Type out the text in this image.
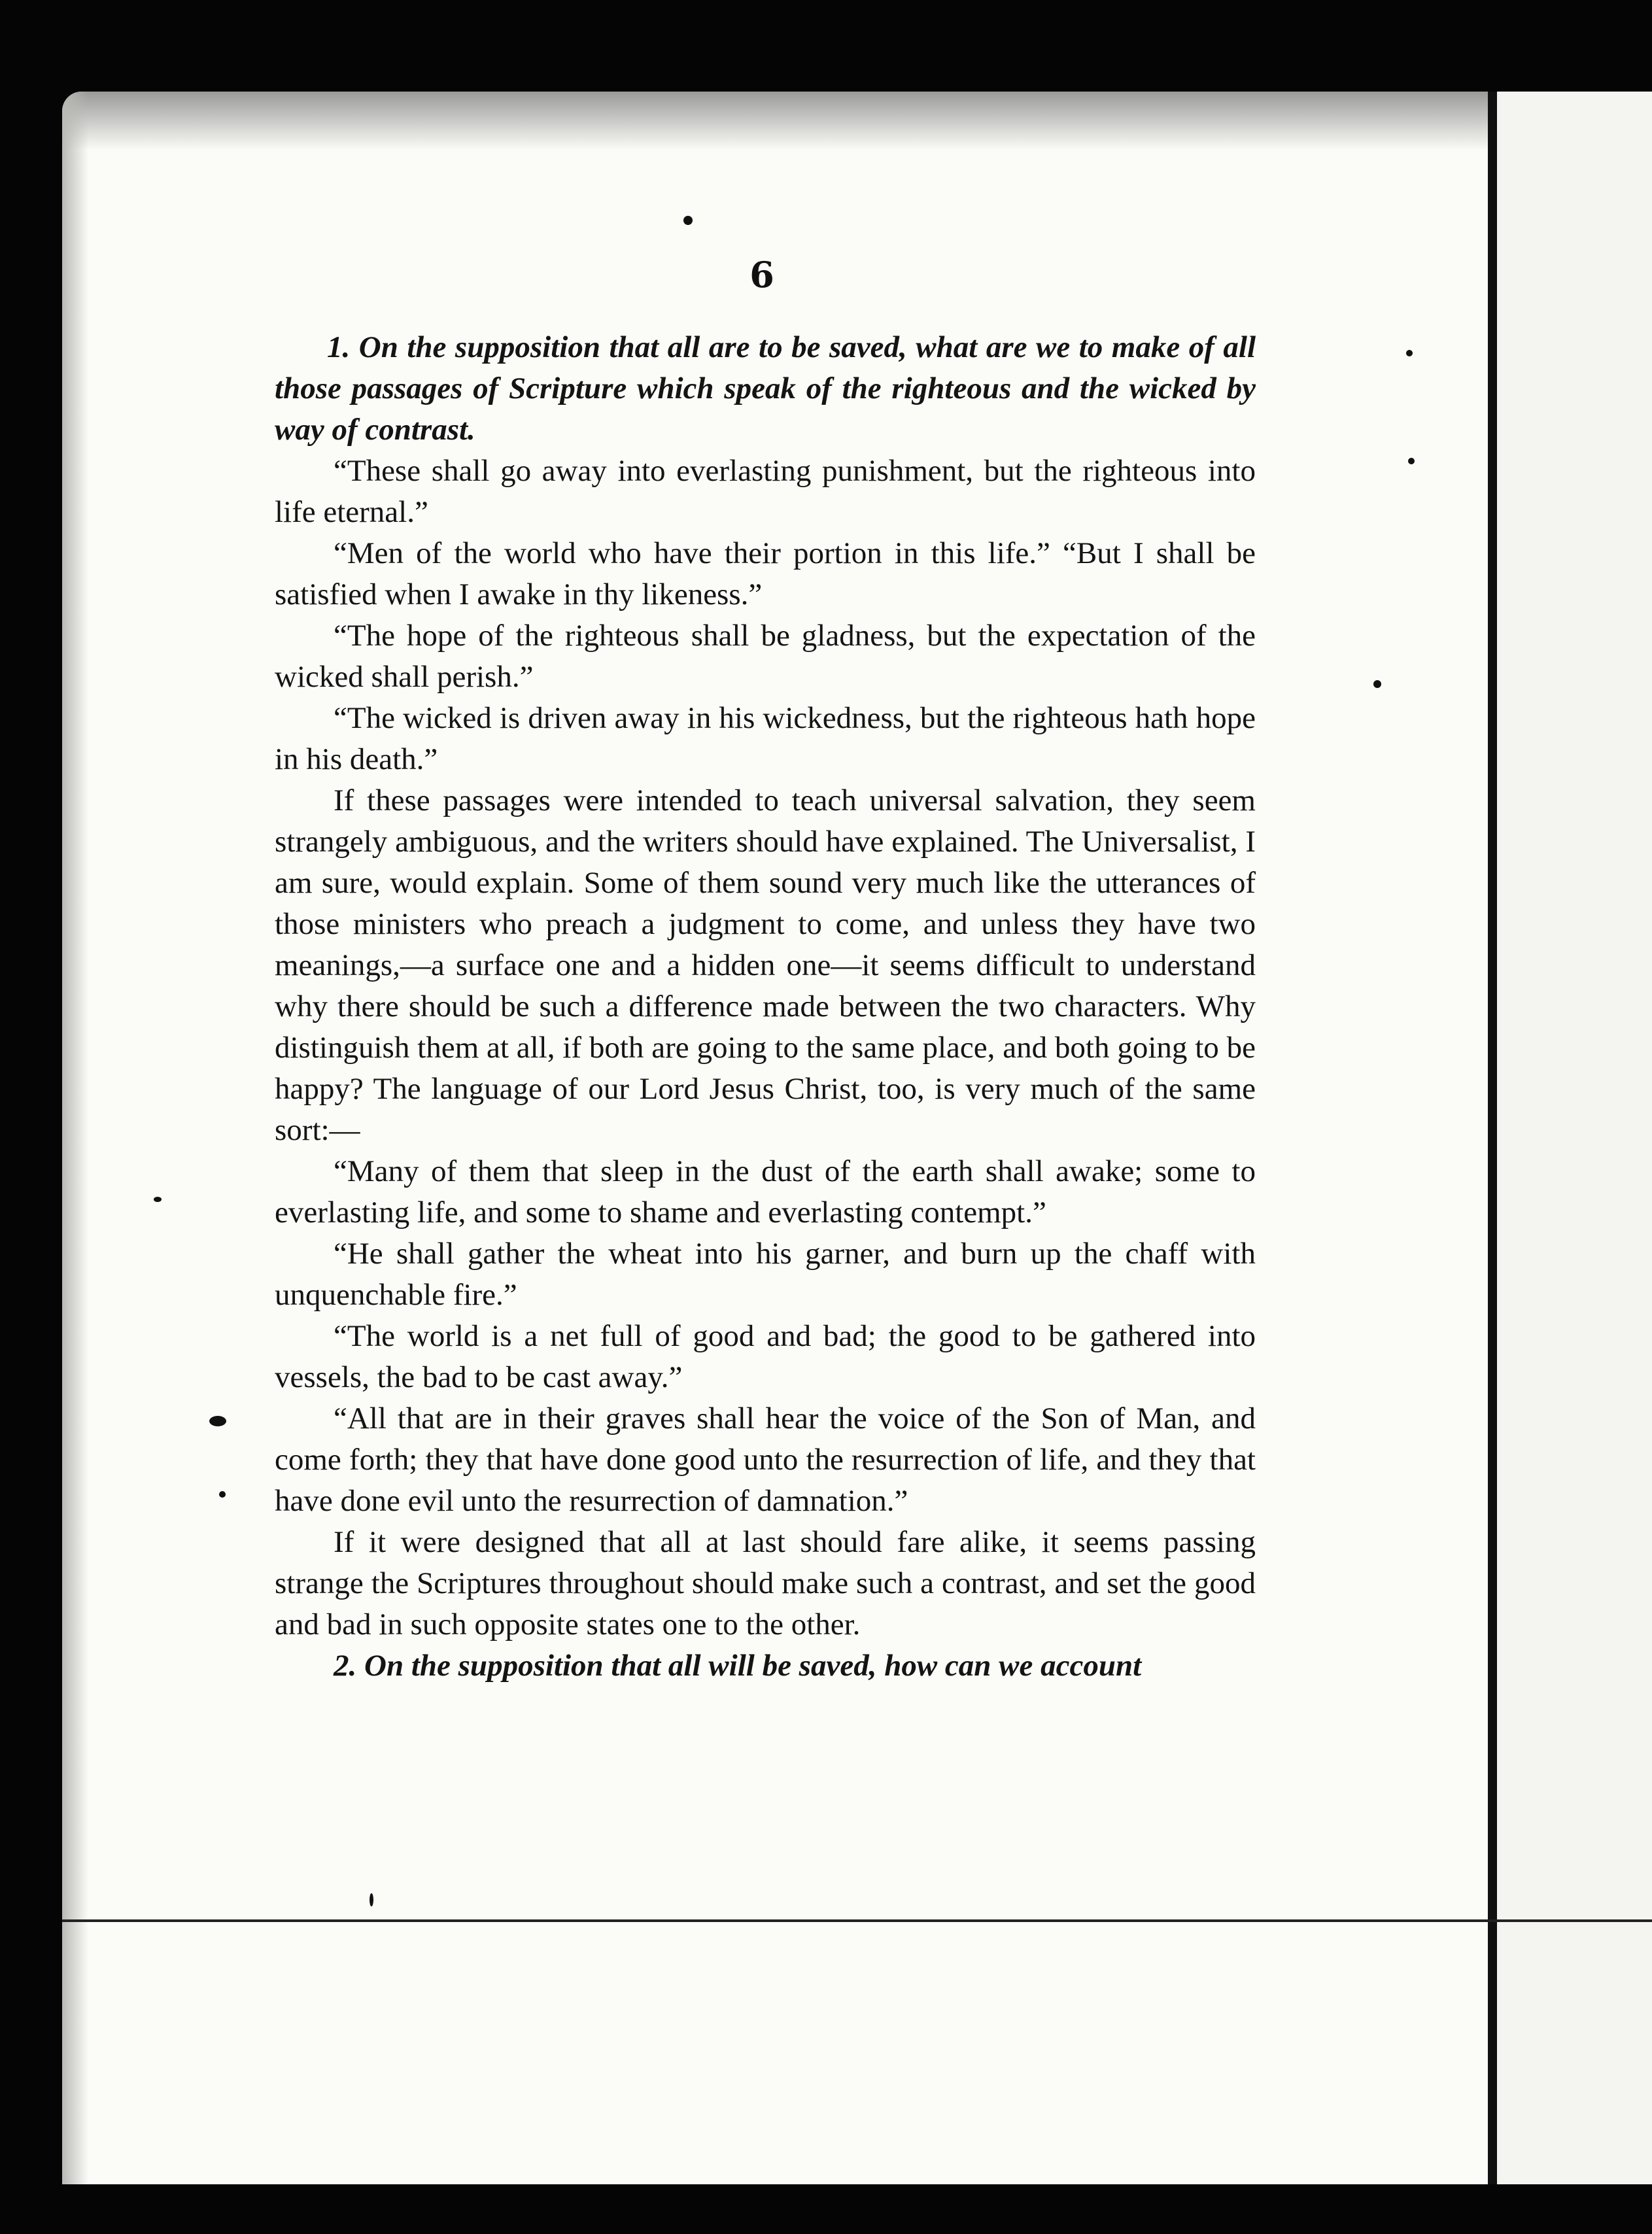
6

1. On the supposition that all are to be saved, what are we to make of all those passages of Scripture which speak of the righteous and the wicked by way of contrast.

“These shall go away into everlasting punishment, but the righteous into life eternal.”

“Men of the world who have their portion in this life.” “But I shall be satisfied when I awake in thy likeness.”

“The hope of the righteous shall be gladness, but the expectation of the wicked shall perish.”

“The wicked is driven away in his wickedness, but the righteous hath hope in his death.”

If these passages were intended to teach universal salvation, they seem strangely ambiguous, and the writers should have explained. The Universalist, I am sure, would explain. Some of them sound very much like the utterances of those ministers who preach a judgment to come, and unless they have two meanings,—a surface one and a hidden one—it seems difficult to understand why there should be such a difference made between the two characters. Why distinguish them at all, if both are going to the same place, and both going to be happy? The language of our Lord Jesus Christ, too, is very much of the same sort:—

“Many of them that sleep in the dust of the earth shall awake; some to everlasting life, and some to shame and everlasting contempt.”

“He shall gather the wheat into his garner, and burn up the chaff with unquenchable fire.”

“The world is a net full of good and bad; the good to be gathered into vessels, the bad to be cast away.”

“All that are in their graves shall hear the voice of the Son of Man, and come forth; they that have done good unto the resurrection of life, and they that have done evil unto the resurrection of damnation.”

If it were designed that all at last should fare alike, it seems passing strange the Scriptures throughout should make such a contrast, and set the good and bad in such opposite states one to the other.

2. On the supposition that all will be saved, how can we account
